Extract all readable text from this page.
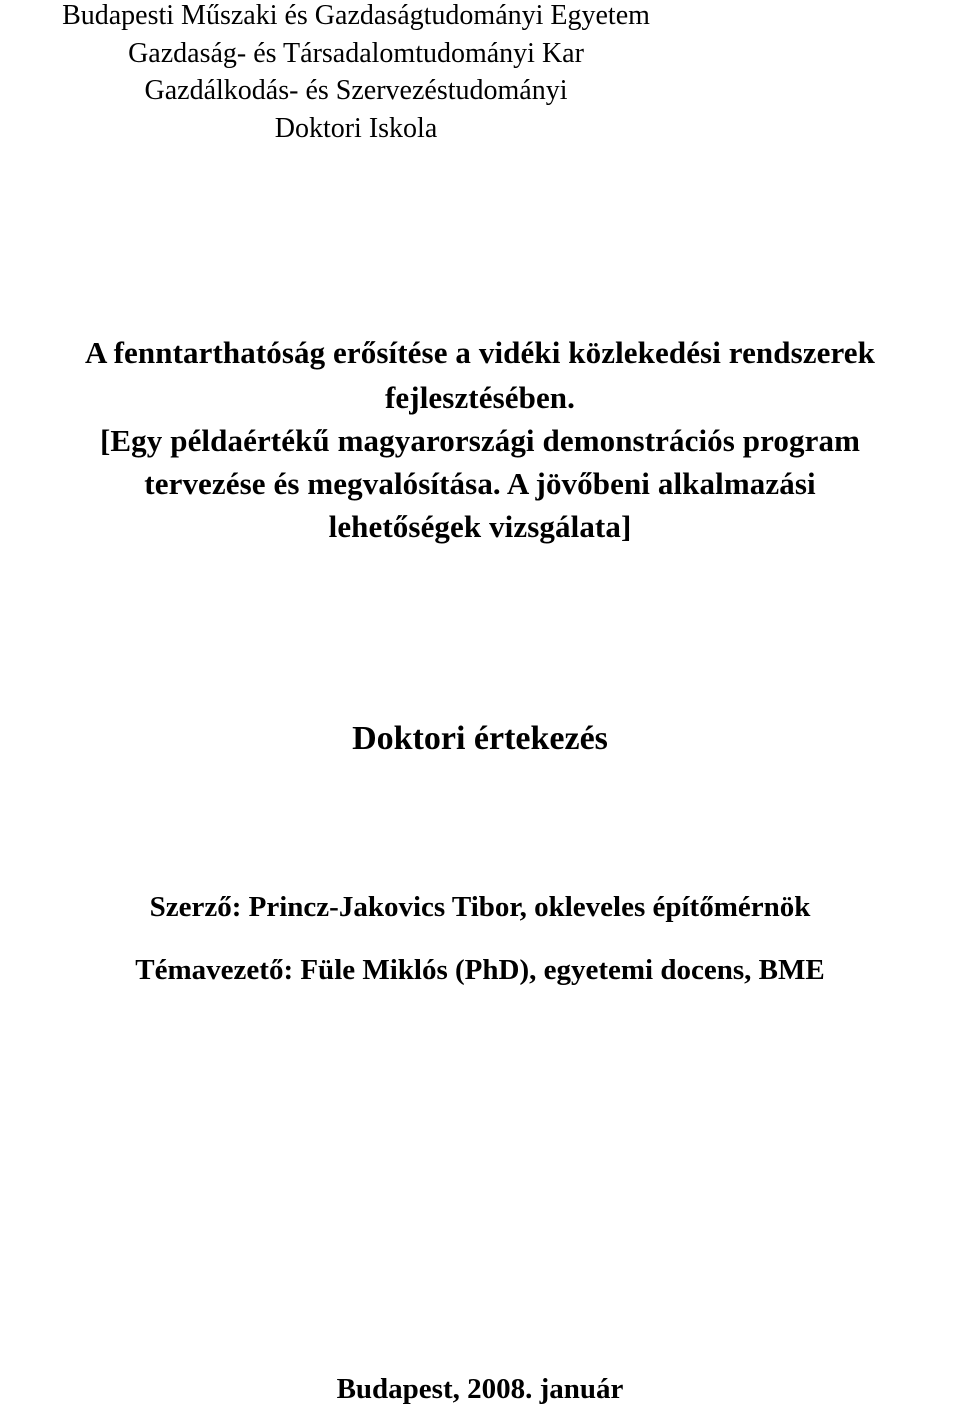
Budapesti Műszaki és Gazdaságtudományi Egyetem
Gazdaság- és Társadalomtudományi Kar
Gazdálkodás- és Szervezéstudományi
Doktori Iskola
A fenntarthatóság erősítése a vidéki közlekedési rendszerek
fejlesztésében.
[Egy példaértékű magyarországi demonstrációs program
tervezése és megvalósítása. A jövőbeni alkalmazási
lehetőségek vizsgálata]
Doktori értekezés
Szerző: Princz-Jakovics Tibor, okleveles építőmérnök
Témavezető: Füle Miklós (PhD), egyetemi docens, BME
Budapest, 2008. január
